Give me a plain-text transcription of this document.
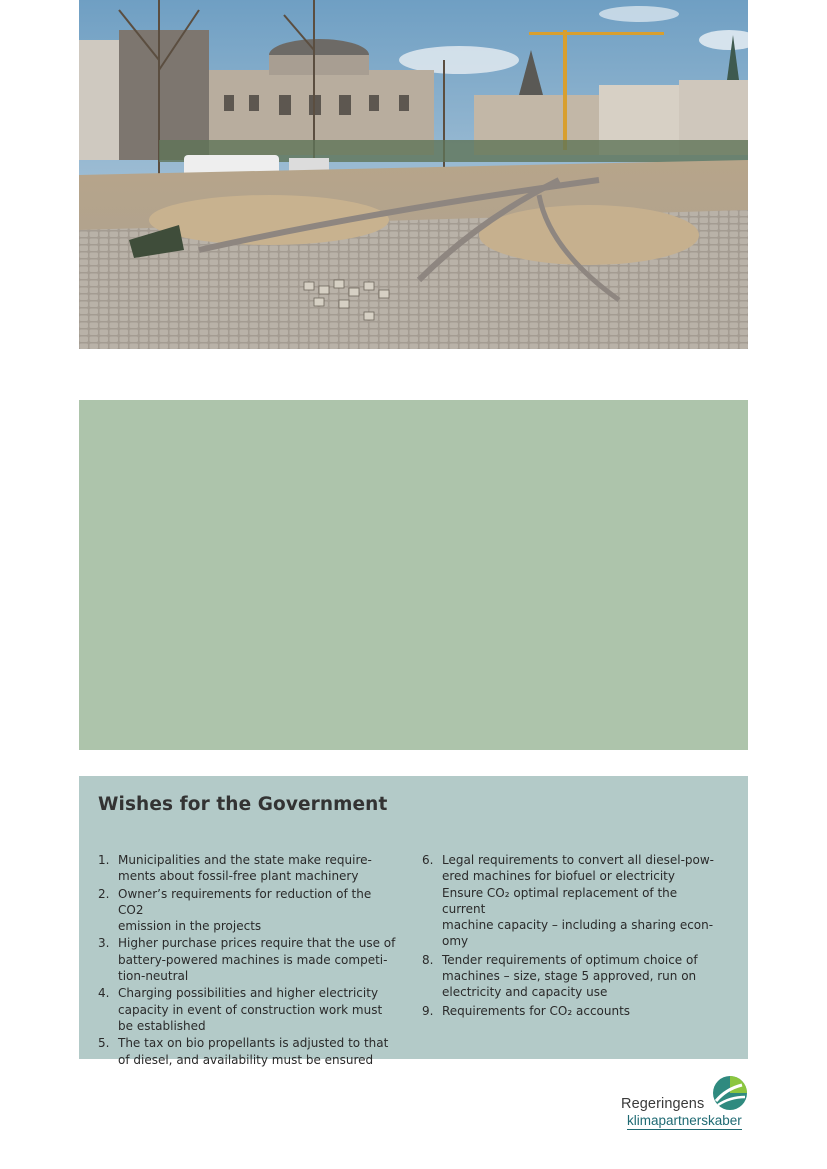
Wishes for the Government
1. Municipalities and the state make require-
ments about fossil-free plant machinery
2. Owner’s requirements for reduction of the CO2
emission in the projects
3. Higher purchase prices require that the use of
battery-powered machines is made competi-
tion-neutral
4. Charging possibilities and higher electricity
capacity in event of construction work must
be established
5. The tax on bio propellants is adjusted to that
of diesel, and availability must be ensured
6. Legal requirements to convert all diesel-pow-
ered machines for biofuel or electricity
Ensure CO₂ optimal replacement of the current
machine capacity – including a sharing econ-
omy
8. Tender requirements of optimum choice of
machines – size, stage 5 approved, run on
electricity and capacity use
9. Requirements for CO₂ accounts
Regeringens
klimapartnerskaber
